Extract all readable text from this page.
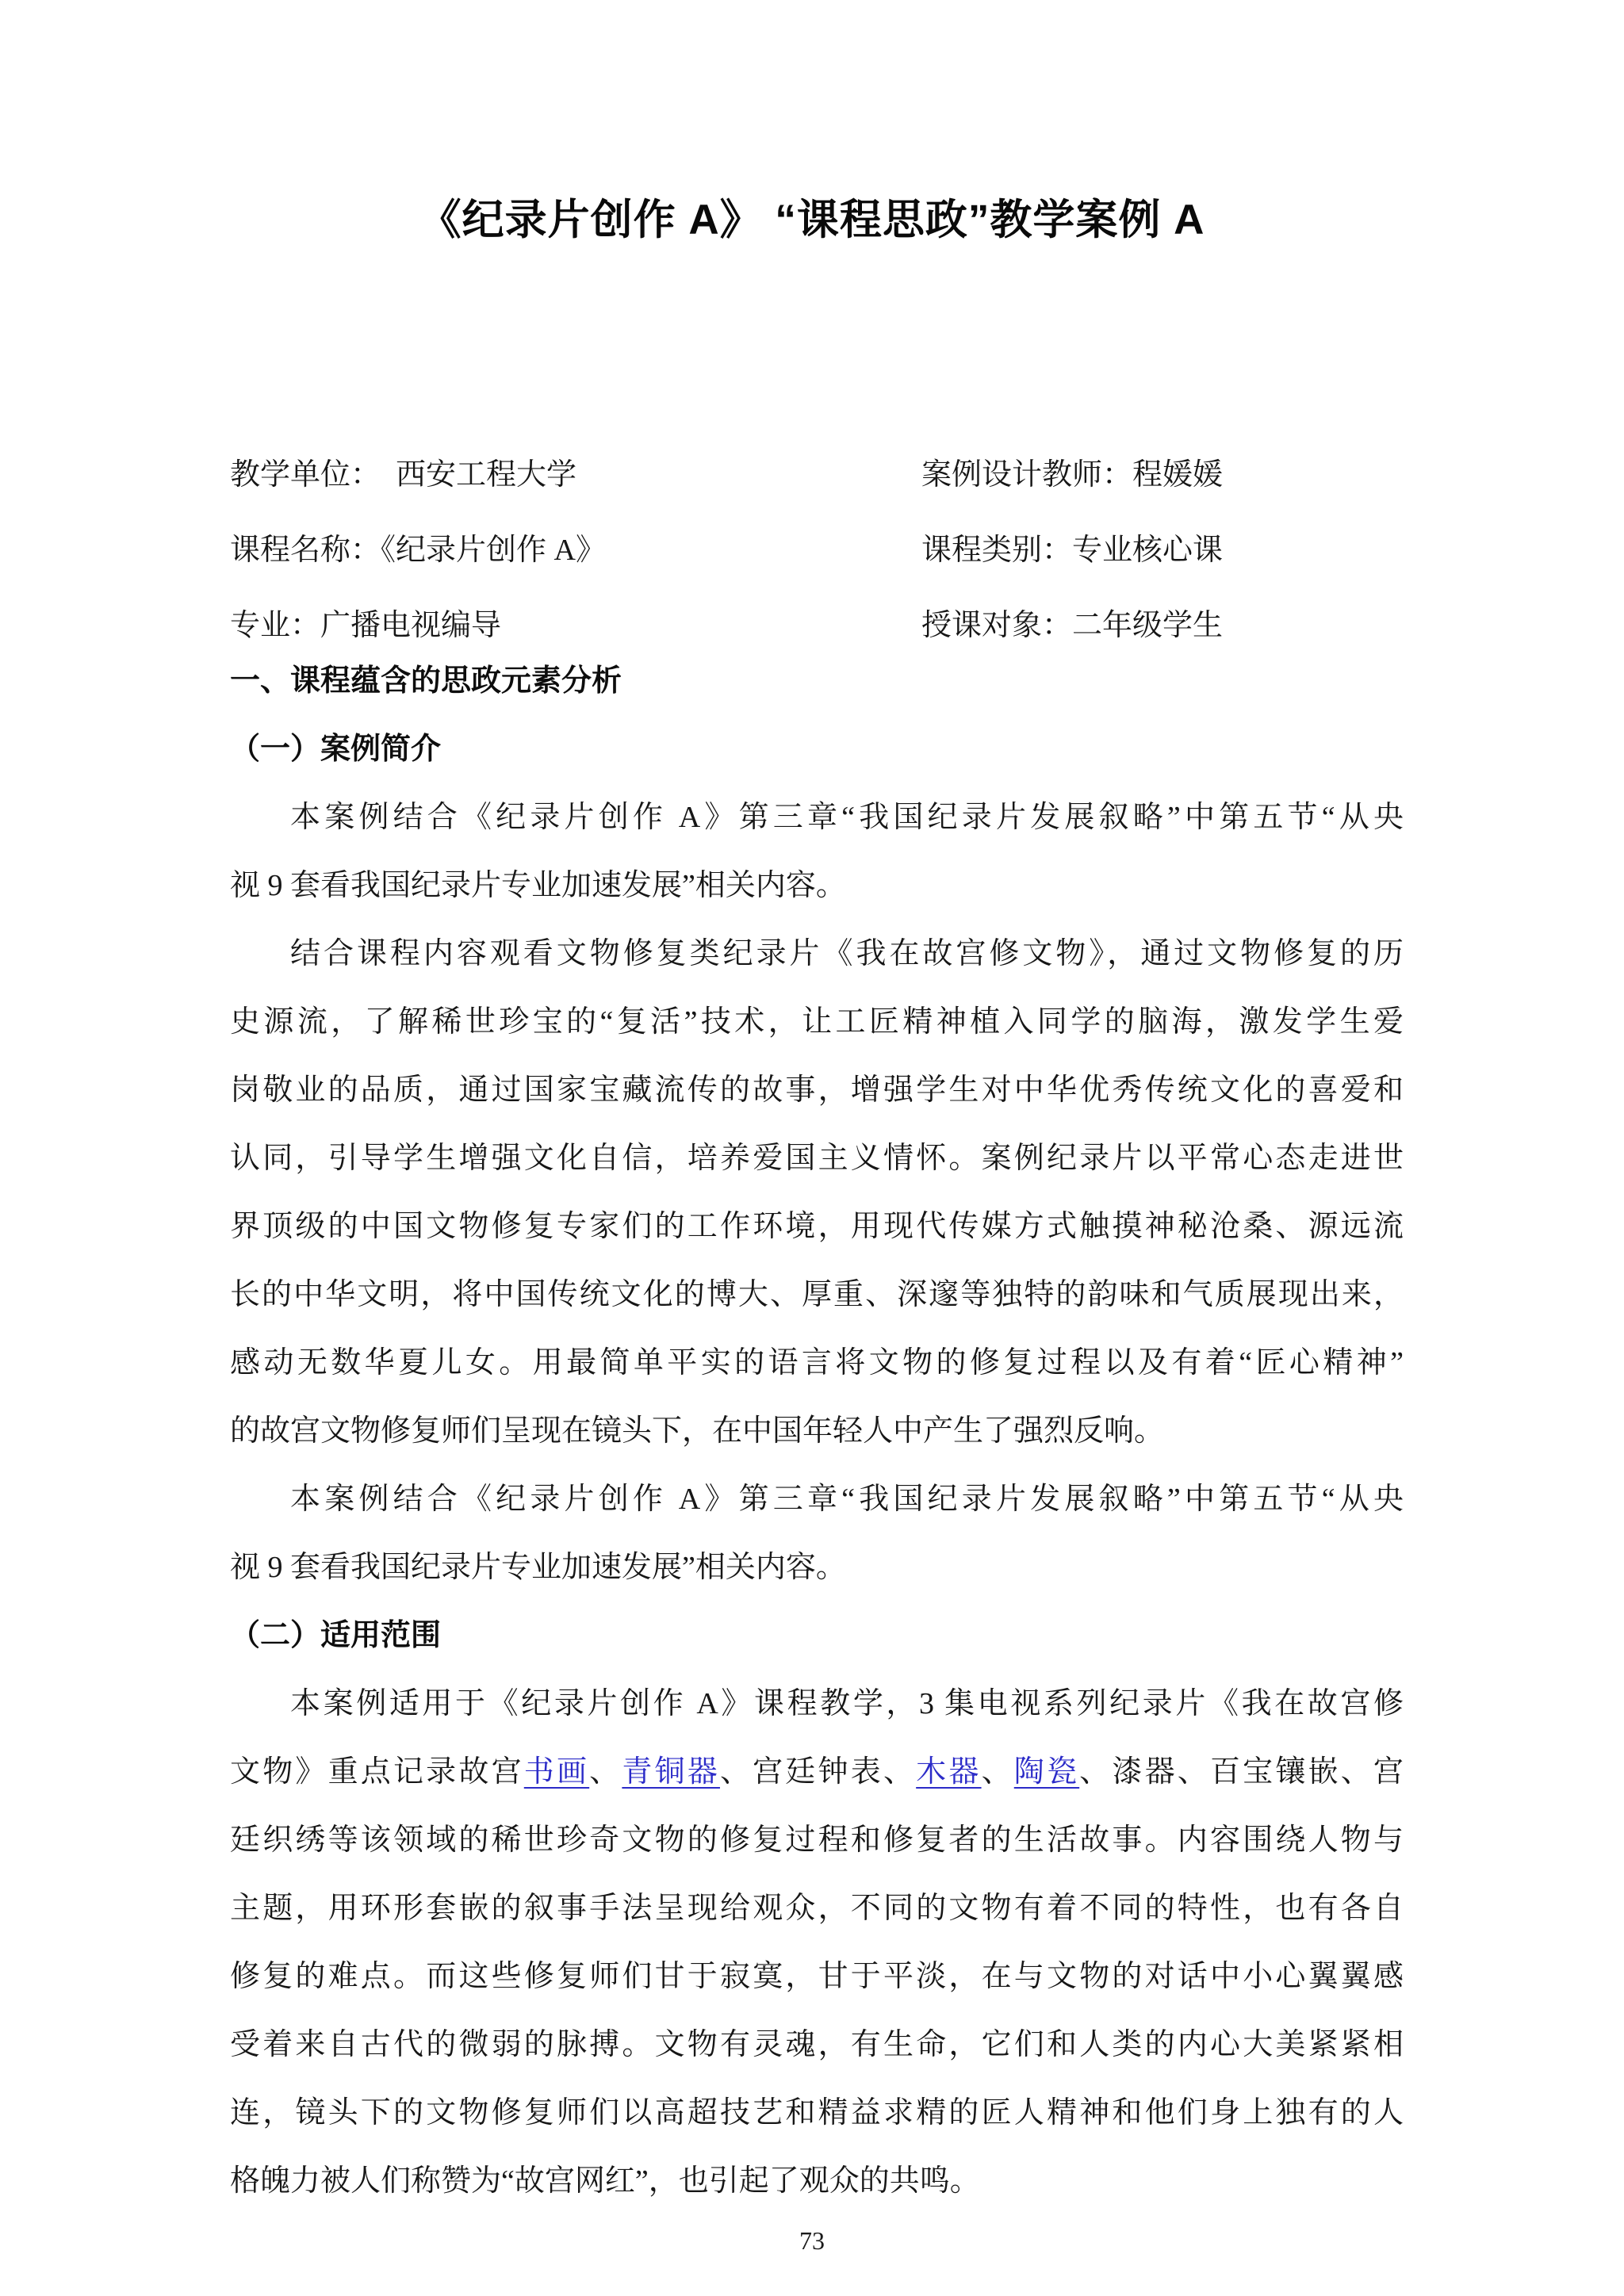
《纪录片创作 A》 “课程思政”教学案例 A
教学单位：　西安工程大学	案例设计教师：程媛媛
课程名称：《纪录片创作 A》	课程类别：专业核心课
专业：广播电视编导	授课对象：二年级学生
一、课程蕴含的思政元素分析
（一）案例简介
本案例结合《纪录片创作 A》第三章“我国纪录片发展叙略”中第五节“从央
视 9 套看我国纪录片专业加速发展”相关内容。
结合课程内容观看文物修复类纪录片《我在故宫修文物》，通过文物修复的历
史源流，了解稀世珍宝的“复活”技术，让工匠精神植入同学的脑海，激发学生爱
岗敬业的品质，通过国家宝藏流传的故事，增强学生对中华优秀传统文化的喜爱和
认同，引导学生增强文化自信，培养爱国主义情怀。案例纪录片以平常心态走进世
界顶级的中国文物修复专家们的工作环境，用现代传媒方式触摸神秘沧桑、源远流
长的中华文明，将中国传统文化的博大、厚重、深邃等独特的韵味和气质展现出来，
感动无数华夏儿女。用最简单平实的语言将文物的修复过程以及有着“匠心精神”
的故宫文物修复师们呈现在镜头下，在中国年轻人中产生了强烈反响。
本案例结合《纪录片创作 A》第三章“我国纪录片发展叙略”中第五节“从央
视 9 套看我国纪录片专业加速发展”相关内容。
（二）适用范围
本案例适用于《纪录片创作 A》课程教学，3 集电视系列纪录片《我在故宫修
文物》重点记录故宫书画、青铜器、宫廷钟表、木器、陶瓷、漆器、百宝镶嵌、宫
廷织绣等该领域的稀世珍奇文物的修复过程和修复者的生活故事。内容围绕人物与
主题，用环形套嵌的叙事手法呈现给观众，不同的文物有着不同的特性，也有各自
修复的难点。而这些修复师们甘于寂寞，甘于平淡，在与文物的对话中小心翼翼感
受着来自古代的微弱的脉搏。文物有灵魂，有生命，它们和人类的内心大美紧紧相
连，镜头下的文物修复师们以高超技艺和精益求精的匠人精神和他们身上独有的人
格魄力被人们称赞为“故宫网红”，也引起了观众的共鸣。
73
